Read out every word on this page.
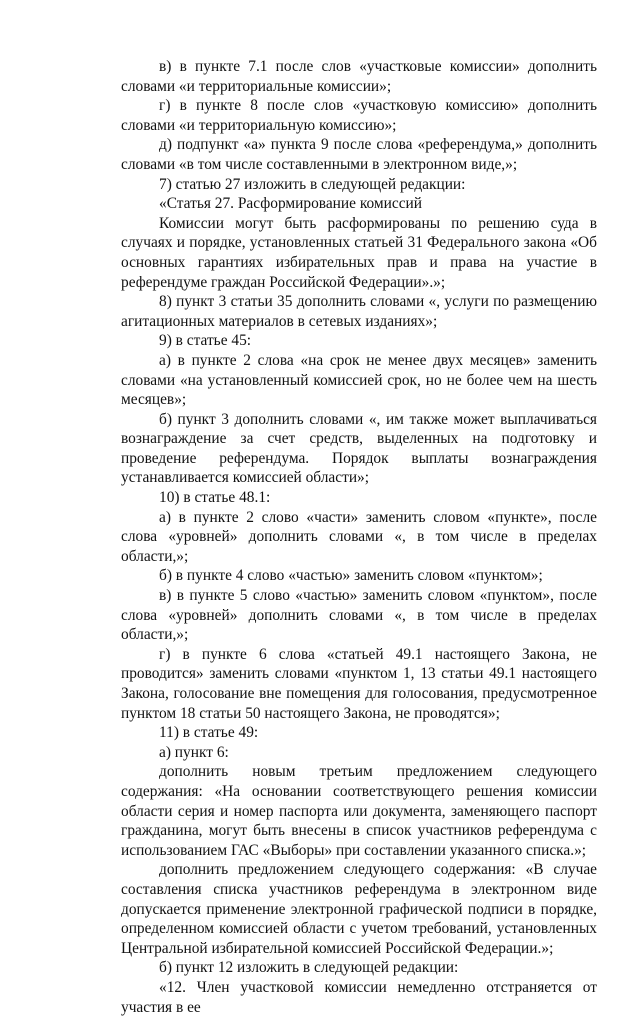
в) в пункте 7.1 после слов «участковые комиссии» дополнить словами «и территориальные комиссии»;

г) в пункте 8 после слов «участковую комиссию» дополнить словами «и территориальную комиссию»;

д) подпункт «а» пункта 9 после слова «референдума,» дополнить словами «в том числе составленными в электронном виде,»;

7) статью 27 изложить в следующей редакции:

«Статья 27. Расформирование комиссий

Комиссии могут быть расформированы по решению суда в случаях и порядке, установленных статьей 31 Федерального закона «Об основных гарантиях избирательных прав и права на участие в референдуме граждан Российской Федерации».»;

8) пункт 3 статьи 35 дополнить словами «, услуги по размещению агитационных материалов в сетевых изданиях»;

9) в статье 45:

а) в пункте 2 слова «на срок не менее двух месяцев» заменить словами «на установленный комиссией срок, но не более чем на шесть месяцев»;

б) пункт 3 дополнить словами «, им также может выплачиваться вознаграждение за счет средств, выделенных на подготовку и проведение референдума. Порядок выплаты вознаграждения устанавливается комиссией области»;

10) в статье 48.1:

а) в пункте 2 слово «части» заменить словом «пункте», после слова «уровней» дополнить словами «, в том числе в пределах области,»;

б) в пункте 4 слово «частью» заменить словом «пунктом»;

в) в пункте 5 слово «частью» заменить словом «пунктом», после слова «уровней» дополнить словами «, в том числе в пределах области,»;

г) в пункте 6 слова «статьей 49.1 настоящего Закона, не проводится» заменить словами «пунктом 1, 13 статьи 49.1 настоящего Закона, голосование вне помещения для голосования, предусмотренное пунктом 18 статьи 50 настоящего Закона, не проводятся»;

11) в статье 49:

а) пункт 6:

дополнить новым третьим предложением следующего содержания: «На основании соответствующего решения комиссии области серия и номер паспорта или документа, заменяющего паспорт гражданина, могут быть внесены в список участников референдума с использованием ГАС «Выборы» при составлении указанного списка.»;

дополнить предложением следующего содержания: «В случае составления списка участников референдума в электронном виде допускается применение электронной графической подписи в порядке, определенном комиссией области с учетом требований, установленных Центральной избирательной комиссией Российской Федерации.»;

б) пункт 12 изложить в следующей редакции:

«12. Член участковой комиссии немедленно отстраняется от участия в ее
